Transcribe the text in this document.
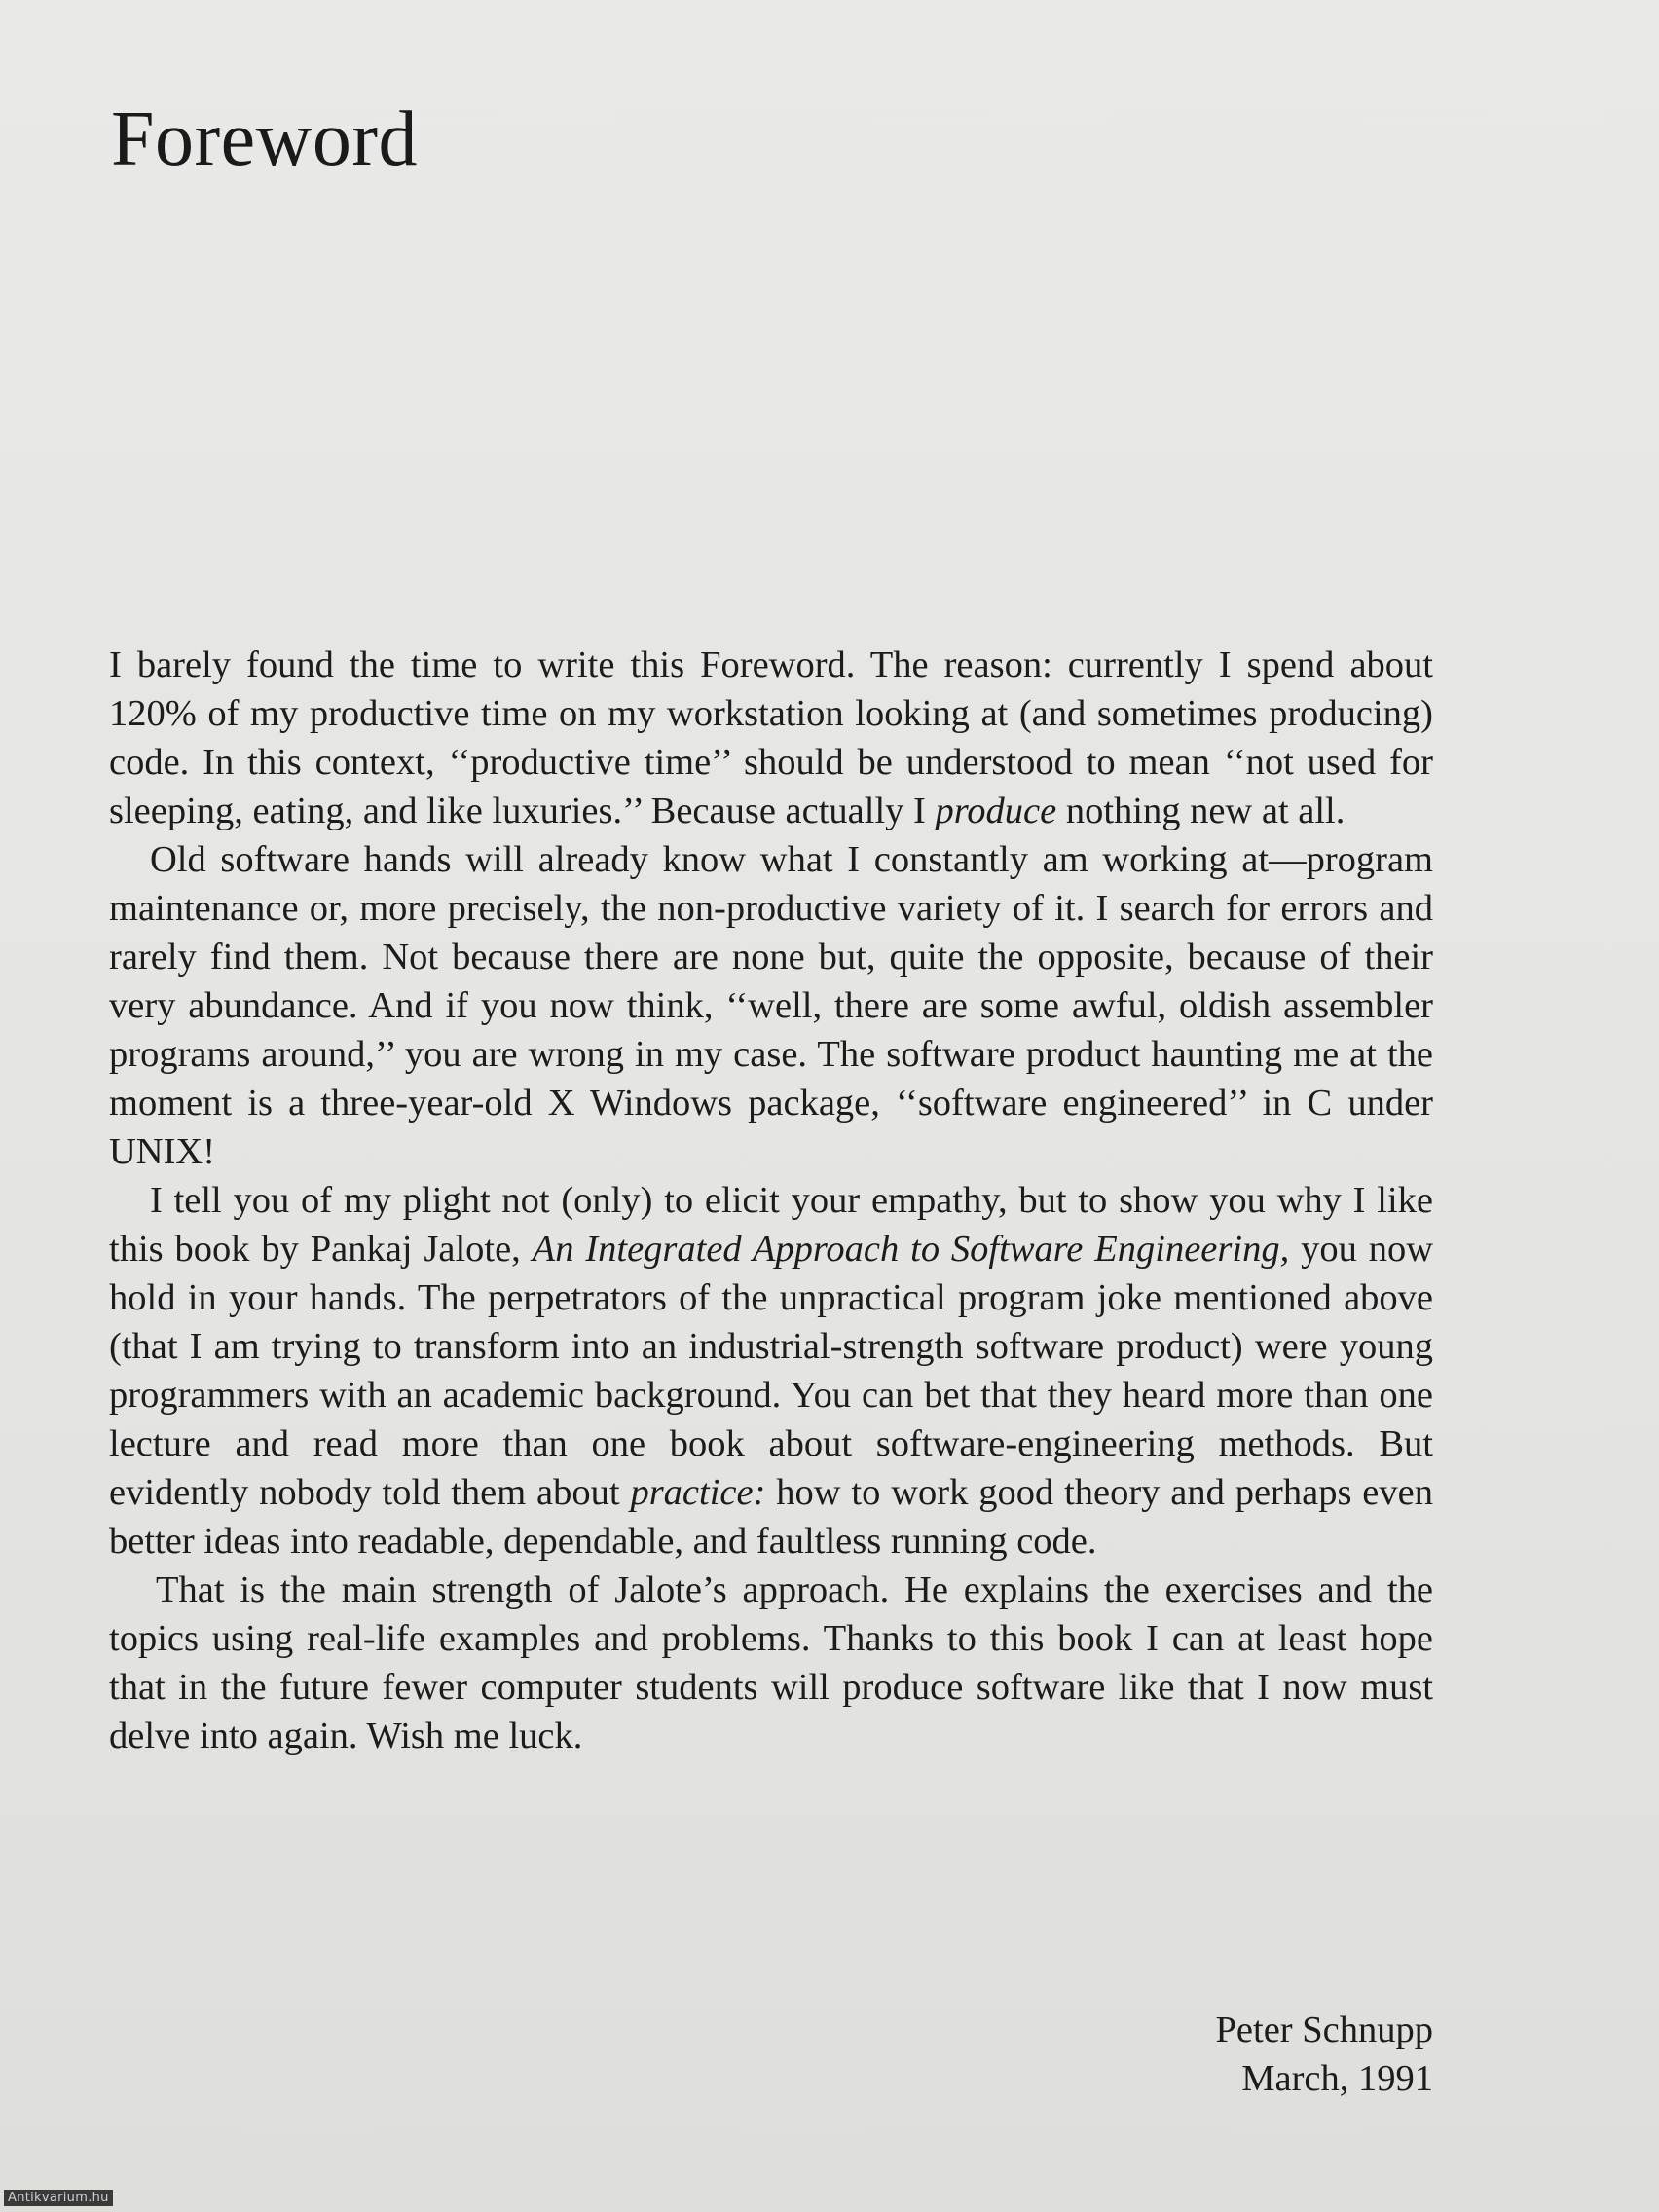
Foreword

I barely found the time to write this Foreword. The reason: currently I spend about 120% of my productive time on my workstation looking at (and sometimes producing) code. In this context, ‘‘productive time’’ should be understood to mean ‘‘not used for sleeping, eating, and like luxuries.’’ Because actually I produce nothing new at all.

Old software hands will already know what I constantly am working at—program maintenance or, more precisely, the non-productive variety of it. I search for errors and rarely find them. Not because there are none but, quite the opposite, because of their very abundance. And if you now think, ‘‘well, there are some awful, oldish assembler programs around,’’ you are wrong in my case. The software product haunting me at the moment is a three-year-old X Windows package, ‘‘software engineered’’ in C under UNIX!

I tell you of my plight not (only) to elicit your empathy, but to show you why I like this book by Pankaj Jalote, An Integrated Approach to Software Engineering, you now hold in your hands. The perpetrators of the unpractical program joke mentioned above (that I am trying to transform into an industrial-strength software product) were young programmers with an academic background. You can bet that they heard more than one lecture and read more than one book about software-engineering methods. But evidently nobody told them about practice: how to work good theory and perhaps even better ideas into readable, dependable, and faultless running code.

That is the main strength of Jalote’s approach. He explains the exercises and the topics using real-life examples and problems. Thanks to this book I can at least hope that in the future fewer computer students will produce software like that I now must delve into again. Wish me luck.

Peter Schnupp
March, 1991
Antikvarium.hu
